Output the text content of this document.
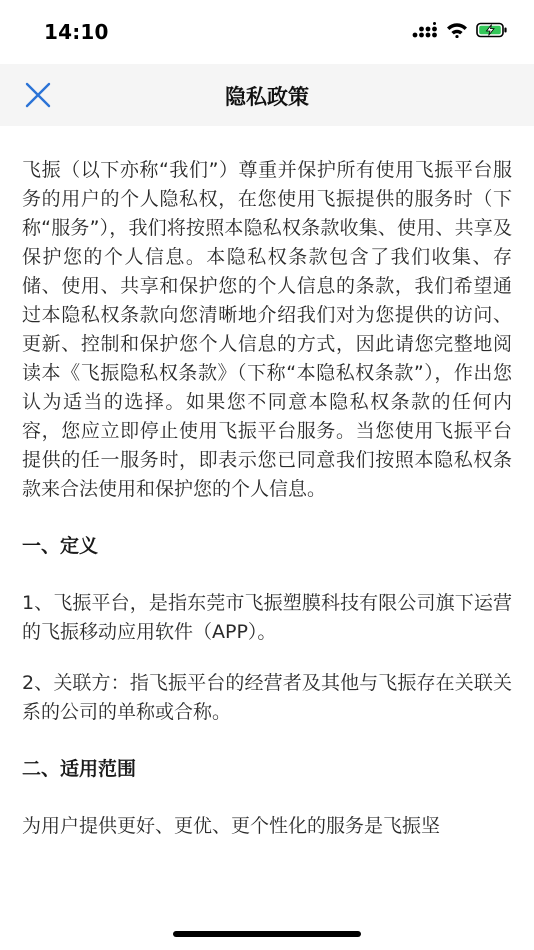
14:10
隐私政策

飞振（以下亦称“我们”）尊重并保护所有使用飞振平台服务的用户的个人隐私权，在您使用飞振提供的服务时（下称“服务”），我们将按照本隐私权条款收集、使用、共享及保护您的个人信息。本隐私权条款包含了我们收集、存储、使用、共享和保护您的个人信息的条款，我们希望通过本隐私权条款向您清晰地介绍我们对为您提供的访问、更新、控制和保护您个人信息的方式，因此请您完整地阅读本《飞振隐私权条款》（下称“本隐私权条款”），作出您认为适当的选择。如果您不同意本隐私权条款的任何内容，您应立即停止使用飞振平台服务。当您使用飞振平台提供的任一服务时，即表示您已同意我们按照本隐私权条款来合法使用和保护您的个人信息。

一、定义

1、飞振平台，是指东莞市飞振塑膜科技有限公司旗下运营的飞振移动应用软件（APP）。

2、关联方：指飞振平台的经营者及其他与飞振存在关联关系的公司的单称或合称。

二、适用范围

为用户提供更好、更优、更个性化的服务是飞振坚
